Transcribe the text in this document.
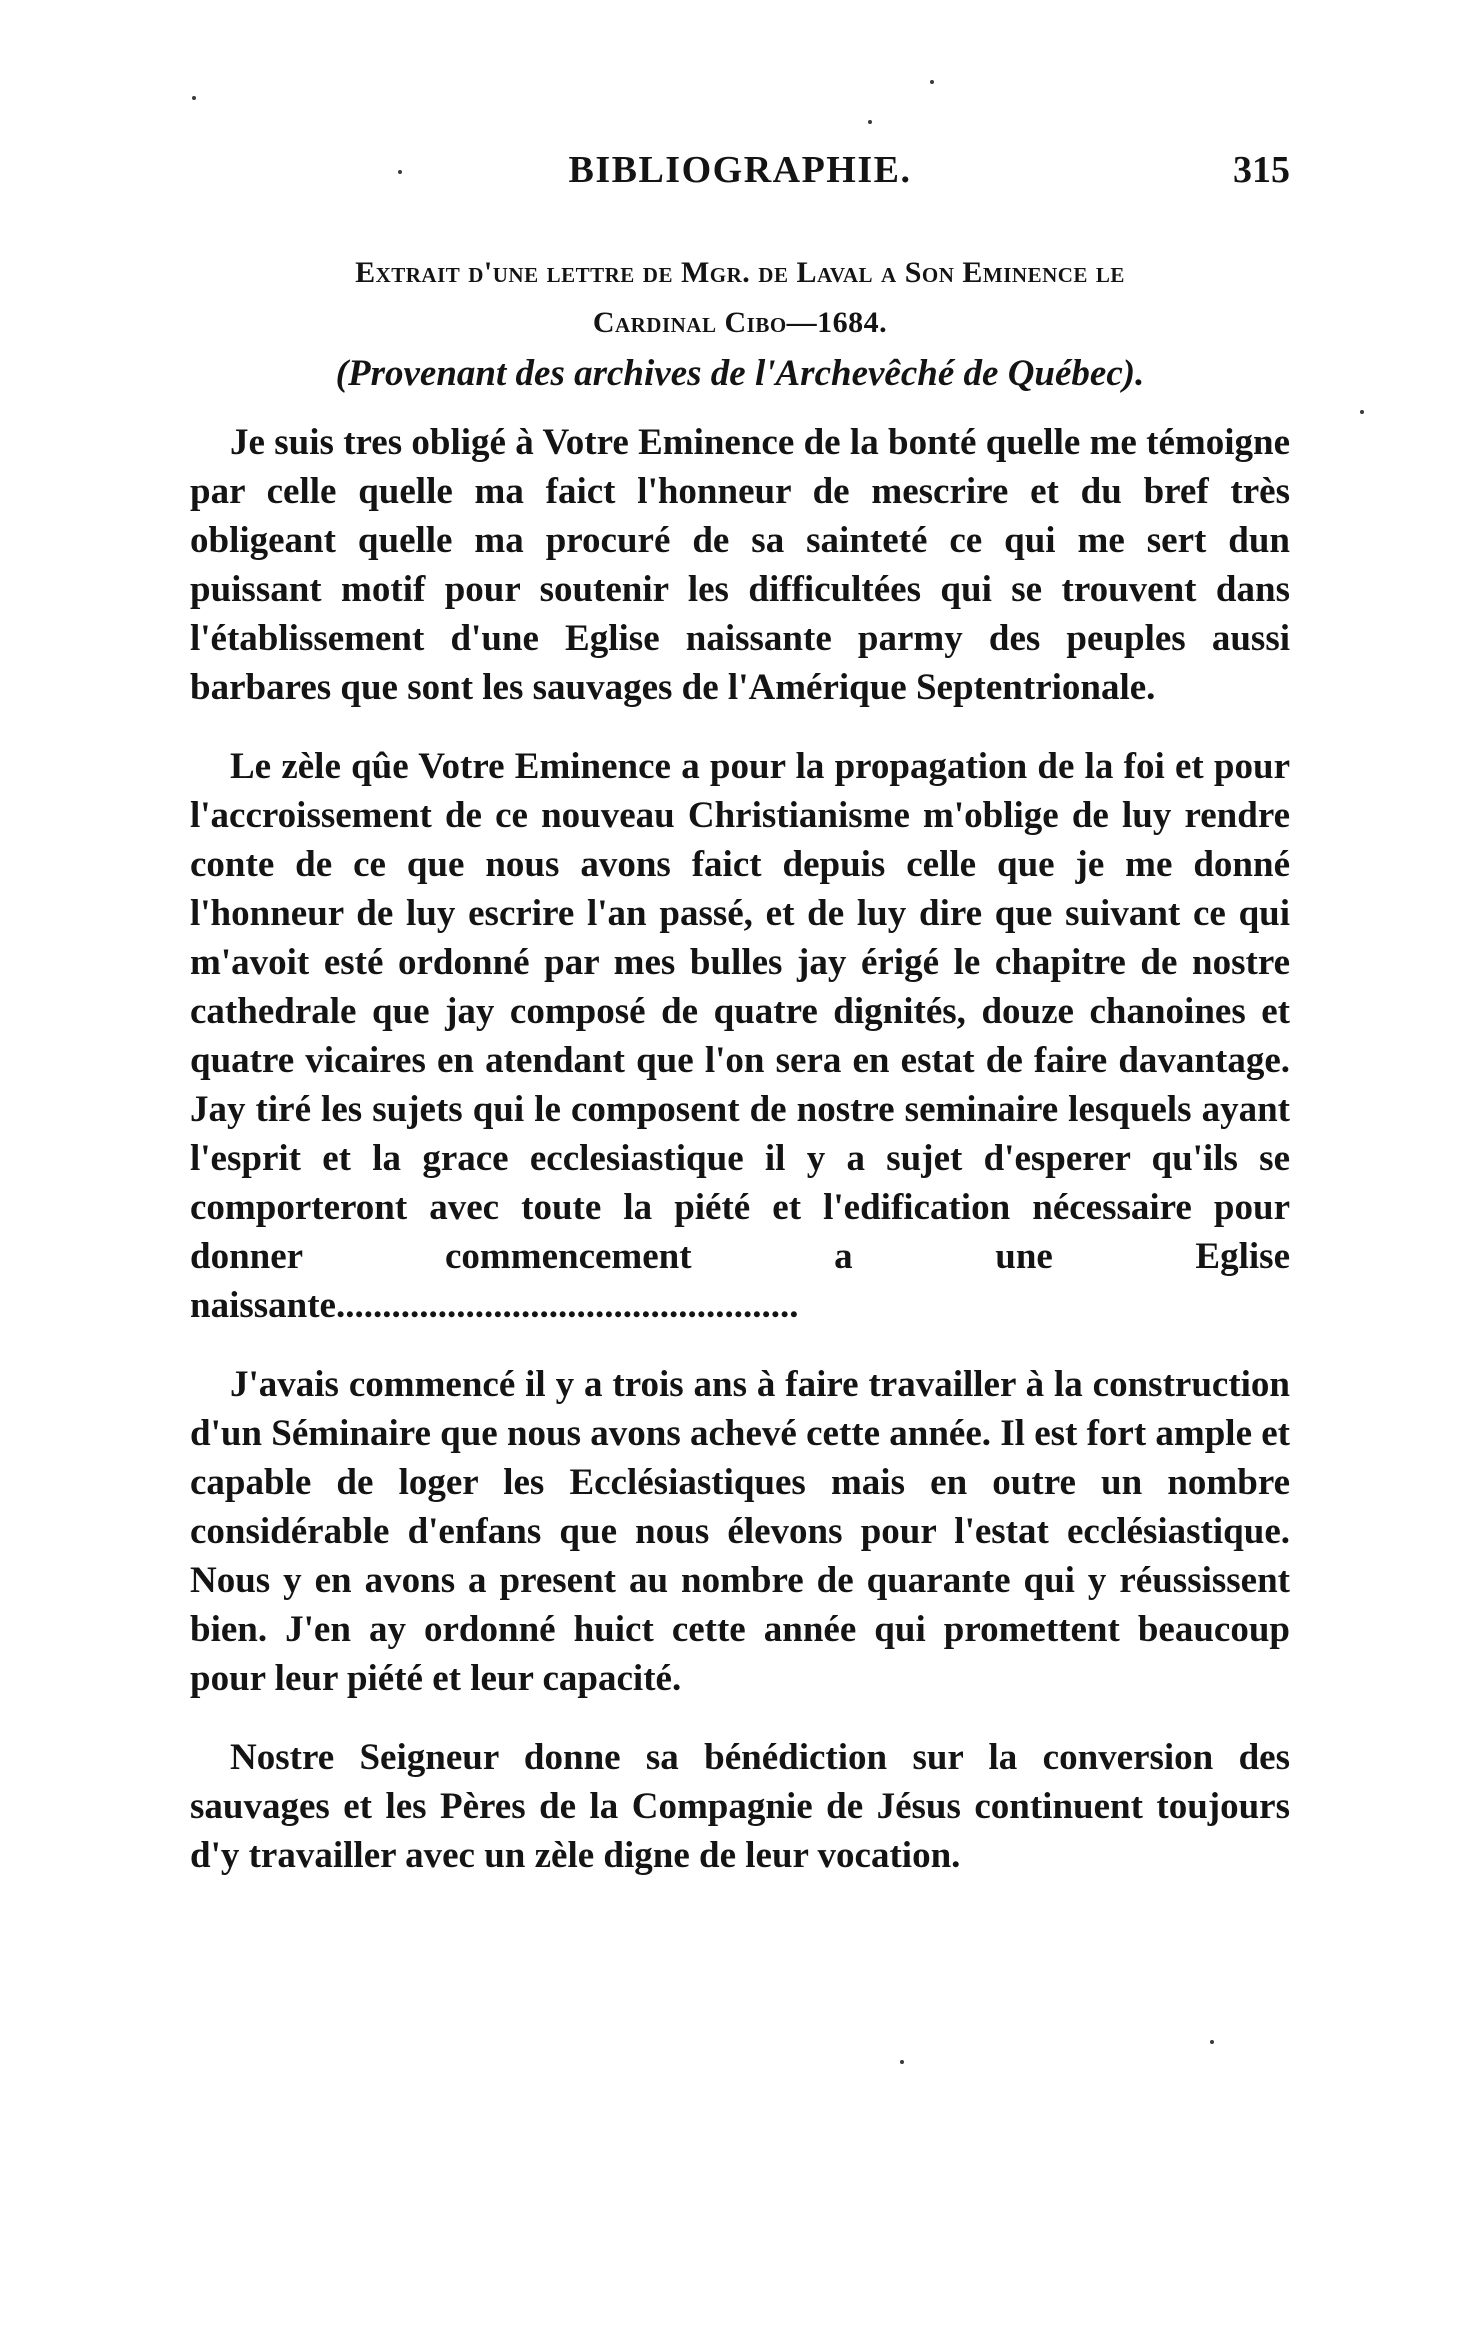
BIBLIOGRAPHIE.	315
Extrait d'une lettre de Mgr. de Laval a Son Eminence le
Cardinal Cibo—1684.
(Provenant des archives de l'Archevêché de Québec).

Je suis tres obligé à Votre Eminence de la bonté quelle me témoigne par celle quelle ma faict l'honneur de mescrire et du bref très obligeant quelle ma procuré de sa sainteté ce qui me sert dun puissant motif pour soutenir les difficultées qui se trouvent dans l'établissement d'une Eglise naissante parmy des peuples aussi barbares que sont les sauvages de l'Amérique Septentrionale.

Le zèle qûe Votre Eminence a pour la propagation de la foi et pour l'accroissement de ce nouveau Christianisme m'oblige de luy rendre conte de ce que nous avons faict depuis celle que je me donné l'honneur de luy escrire l'an passé, et de luy dire que suivant ce qui m'avoit esté ordonné par mes bulles jay érigé le chapitre de nostre cathedrale que jay composé de quatre dignités, douze chanoines et quatre vicaires en atendant que l'on sera en estat de faire davantage. Jay tiré les sujets qui le composent de nostre seminaire lesquels ayant l'esprit et la grace ecclesiastique il y a sujet d'esperer qu'ils se comporteront avec toute la piété et l'edification nécessaire pour donner commencement a une Eglise naissante..................................................

J'avais commencé il y a trois ans à faire travailler à la construction d'un Séminaire que nous avons achevé cette année. Il est fort ample et capable de loger les Ecclésiastiques mais en outre un nombre considérable d'enfans que nous élevons pour l'estat ecclésiastique. Nous y en avons a present au nombre de quarante qui y réussissent bien. J'en ay ordonné huict cette année qui promettent beaucoup pour leur piété et leur capacité.

Nostre Seigneur donne sa bénédiction sur la conversion des sauvages et les Pères de la Compagnie de Jésus continuent toujours d'y travailler avec un zèle digne de leur vocation.
